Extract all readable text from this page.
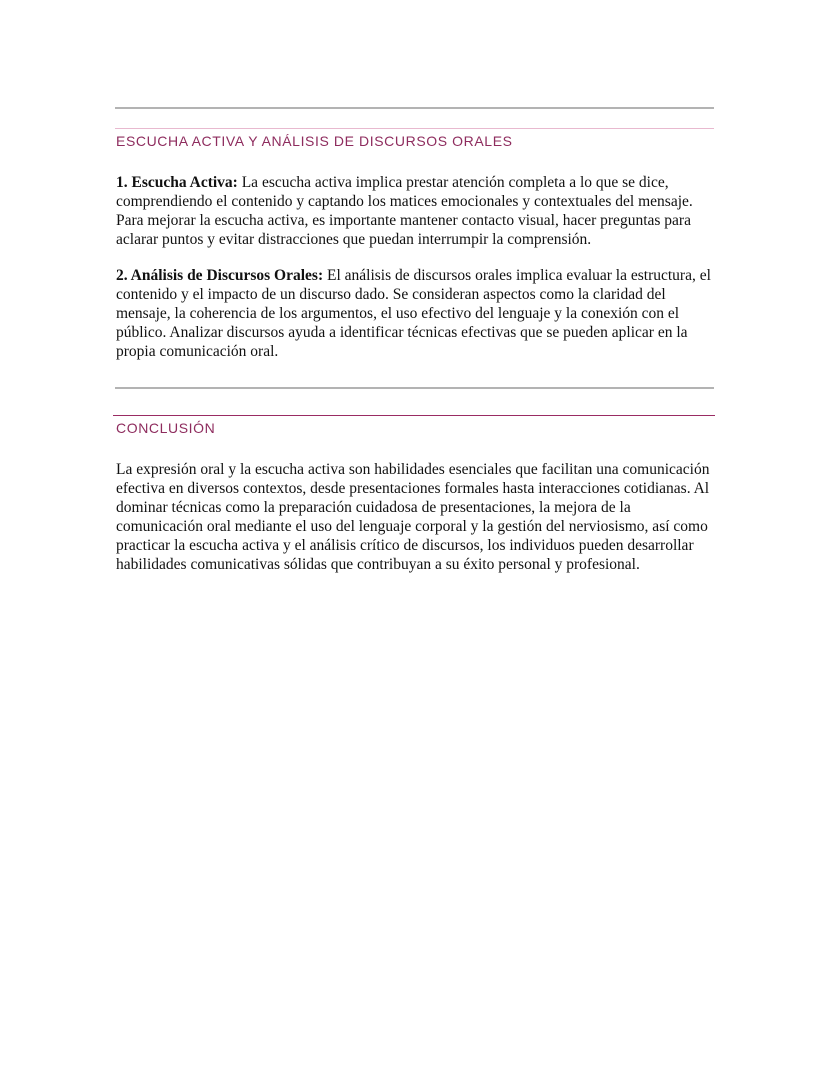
ESCUCHA ACTIVA Y ANÁLISIS DE DISCURSOS ORALES

1. Escucha Activa: La escucha activa implica prestar atención completa a lo que se dice, comprendiendo el contenido y captando los matices emocionales y contextuales del mensaje. Para mejorar la escucha activa, es importante mantener contacto visual, hacer preguntas para aclarar puntos y evitar distracciones que puedan interrumpir la comprensión.

2. Análisis de Discursos Orales: El análisis de discursos orales implica evaluar la estructura, el contenido y el impacto de un discurso dado. Se consideran aspectos como la claridad del mensaje, la coherencia de los argumentos, el uso efectivo del lenguaje y la conexión con el público. Analizar discursos ayuda a identificar técnicas efectivas que se pueden aplicar en la propia comunicación oral.

CONCLUSIÓN

La expresión oral y la escucha activa son habilidades esenciales que facilitan una comunicación efectiva en diversos contextos, desde presentaciones formales hasta interacciones cotidianas. Al dominar técnicas como la preparación cuidadosa de presentaciones, la mejora de la comunicación oral mediante el uso del lenguaje corporal y la gestión del nerviosismo, así como practicar la escucha activa y el análisis crítico de discursos, los individuos pueden desarrollar habilidades comunicativas sólidas que contribuyan a su éxito personal y profesional.
